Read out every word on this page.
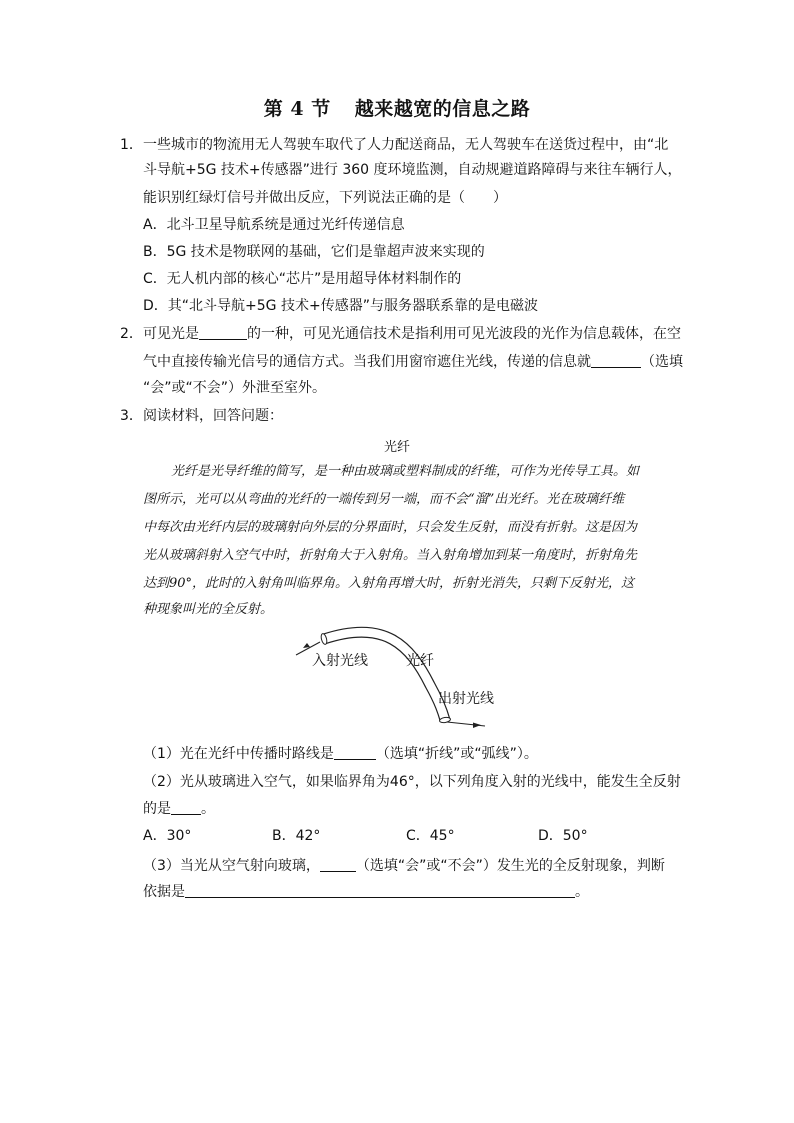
第 4 节 越来越宽的信息之路
1． 一些城市的物流用无人驾驶车取代了人力配送商品，无人驾驶车在送货过程中，由“北
斗导航+5G 技术+传感器”进行 360 度环境监测，自动规避道路障碍与来往车辆行人，
能识别红绿灯信号并做出反应，下列说法正确的是（　　）
A．北斗卫星导航系统是通过光纤传递信息
B．5G 技术是物联网的基础，它们是靠超声波来实现的
C．无人机内部的核心“芯片”是用超导体材料制作的
D．其“北斗导航+5G 技术+传感器”与服务器联系靠的是电磁波
2． 可见光是	的一种，可见光通信技术是指利用可见光波段的光作为信息载体，在空
气中直接传输光信号的通信方式。当我们用窗帘遮住光线，传递的信息就	（选填
“会”或“不会”）外泄至室外。
3． 阅读材料，回答问题：
光纤
光纤是光导纤维的简写，是一种由玻璃或塑料制成的纤维，可作为光传导工具。如
图所示，光可以从弯曲的光纤的一端传到另一端，而不会“溜”出光纤。光在玻璃纤维
中每次由光纤内层的玻璃射向外层的分界面时，只会发生反射，而没有折射。这是因为
光从玻璃斜射入空气中时，折射角大于入射角。当入射角增加到某一角度时，折射角先
达到90°，此时的入射角叫临界角。入射角再增大时，折射光消失，只剩下反射光，这
种现象叫光的全反射。
入射光线	光纤
出射光线
（1）光在光纤中传播时路线是	（选填“折线”或“弧线”）。
（2）光从玻璃进入空气，如果临界角为46°，以下列角度入射的光线中，能发生全反射
的是 。
A．30°	B．42°	C．45°	D．50°
（3）当光从空气射向玻璃，	（选填“会”或“不会”）发生光的全反射现象，判断
依据是	。
